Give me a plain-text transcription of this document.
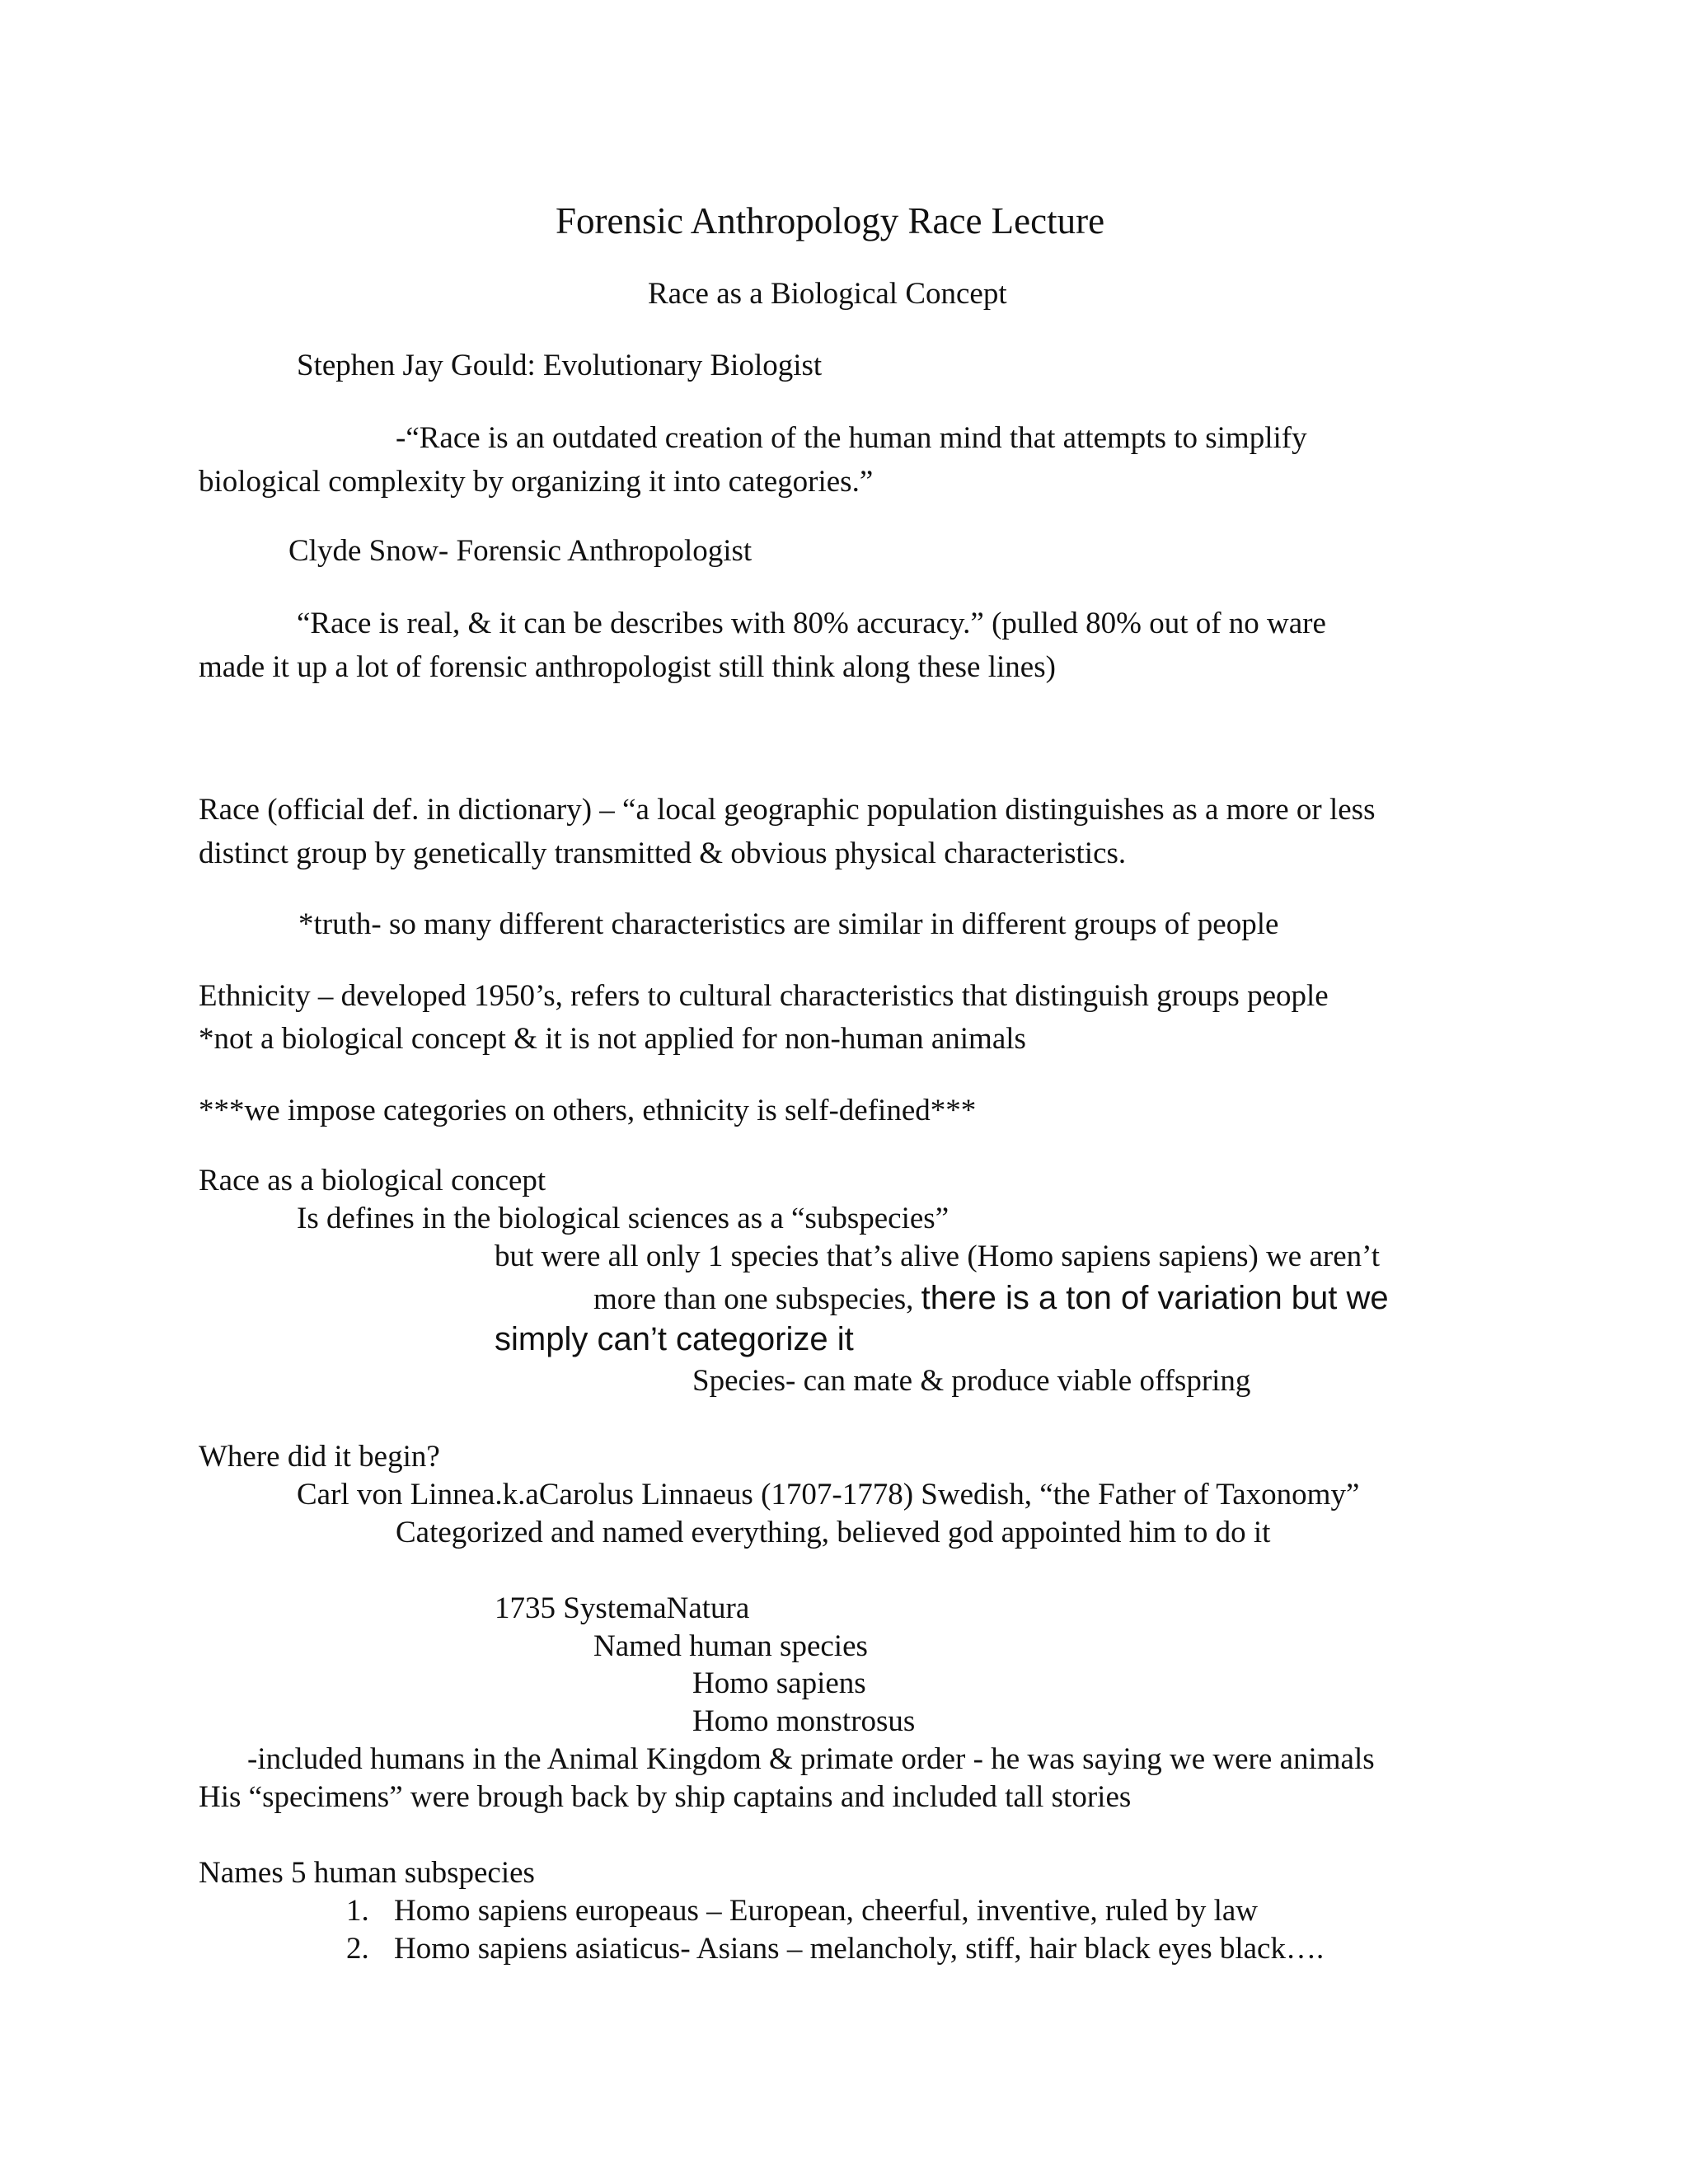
Forensic Anthropology Race Lecture
Race as a Biological Concept
Stephen Jay Gould: Evolutionary Biologist
-“Race is an outdated creation of the human mind that attempts to simplify
biological complexity by organizing it into categories.”
Clyde Snow- Forensic Anthropologist
“Race is real, & it can be describes with 80% accuracy.” (pulled 80% out of no ware
made it up a lot of forensic anthropologist still think along these lines)
Race (official def. in dictionary) – “a local geographic population distinguishes as a more or less
distinct group by genetically transmitted & obvious physical characteristics.
*truth- so many different characteristics are similar in different groups of people
Ethnicity – developed 1950’s, refers to cultural characteristics that distinguish groups people
*not a biological concept & it is not applied for non-human animals
***we impose categories on others, ethnicity is self-defined***
Race as a biological concept
Is defines in the biological sciences as a “subspecies”
but were all only 1 species that’s alive (Homo sapiens sapiens) we aren’t
more than one subspecies, there is a ton of variation but we
simply can’t categorize it
Species- can mate & produce viable offspring
Where did it begin?
Carl von Linnea.k.aCarolus Linnaeus (1707-1778) Swedish, “the Father of Taxonomy”
Categorized and named everything, believed god appointed him to do it
1735 SystemaNatura
Named human species
Homo sapiens
Homo monstrosus
-included humans in the Animal Kingdom & primate order - he was saying we were animals
His “specimens” were brough back by ship captains and included tall stories
Names 5 human subspecies
1. Homo sapiens europeaus – European, cheerful, inventive, ruled by law
2. Homo sapiens asiaticus- Asians – melancholy, stiff, hair black eyes black….
